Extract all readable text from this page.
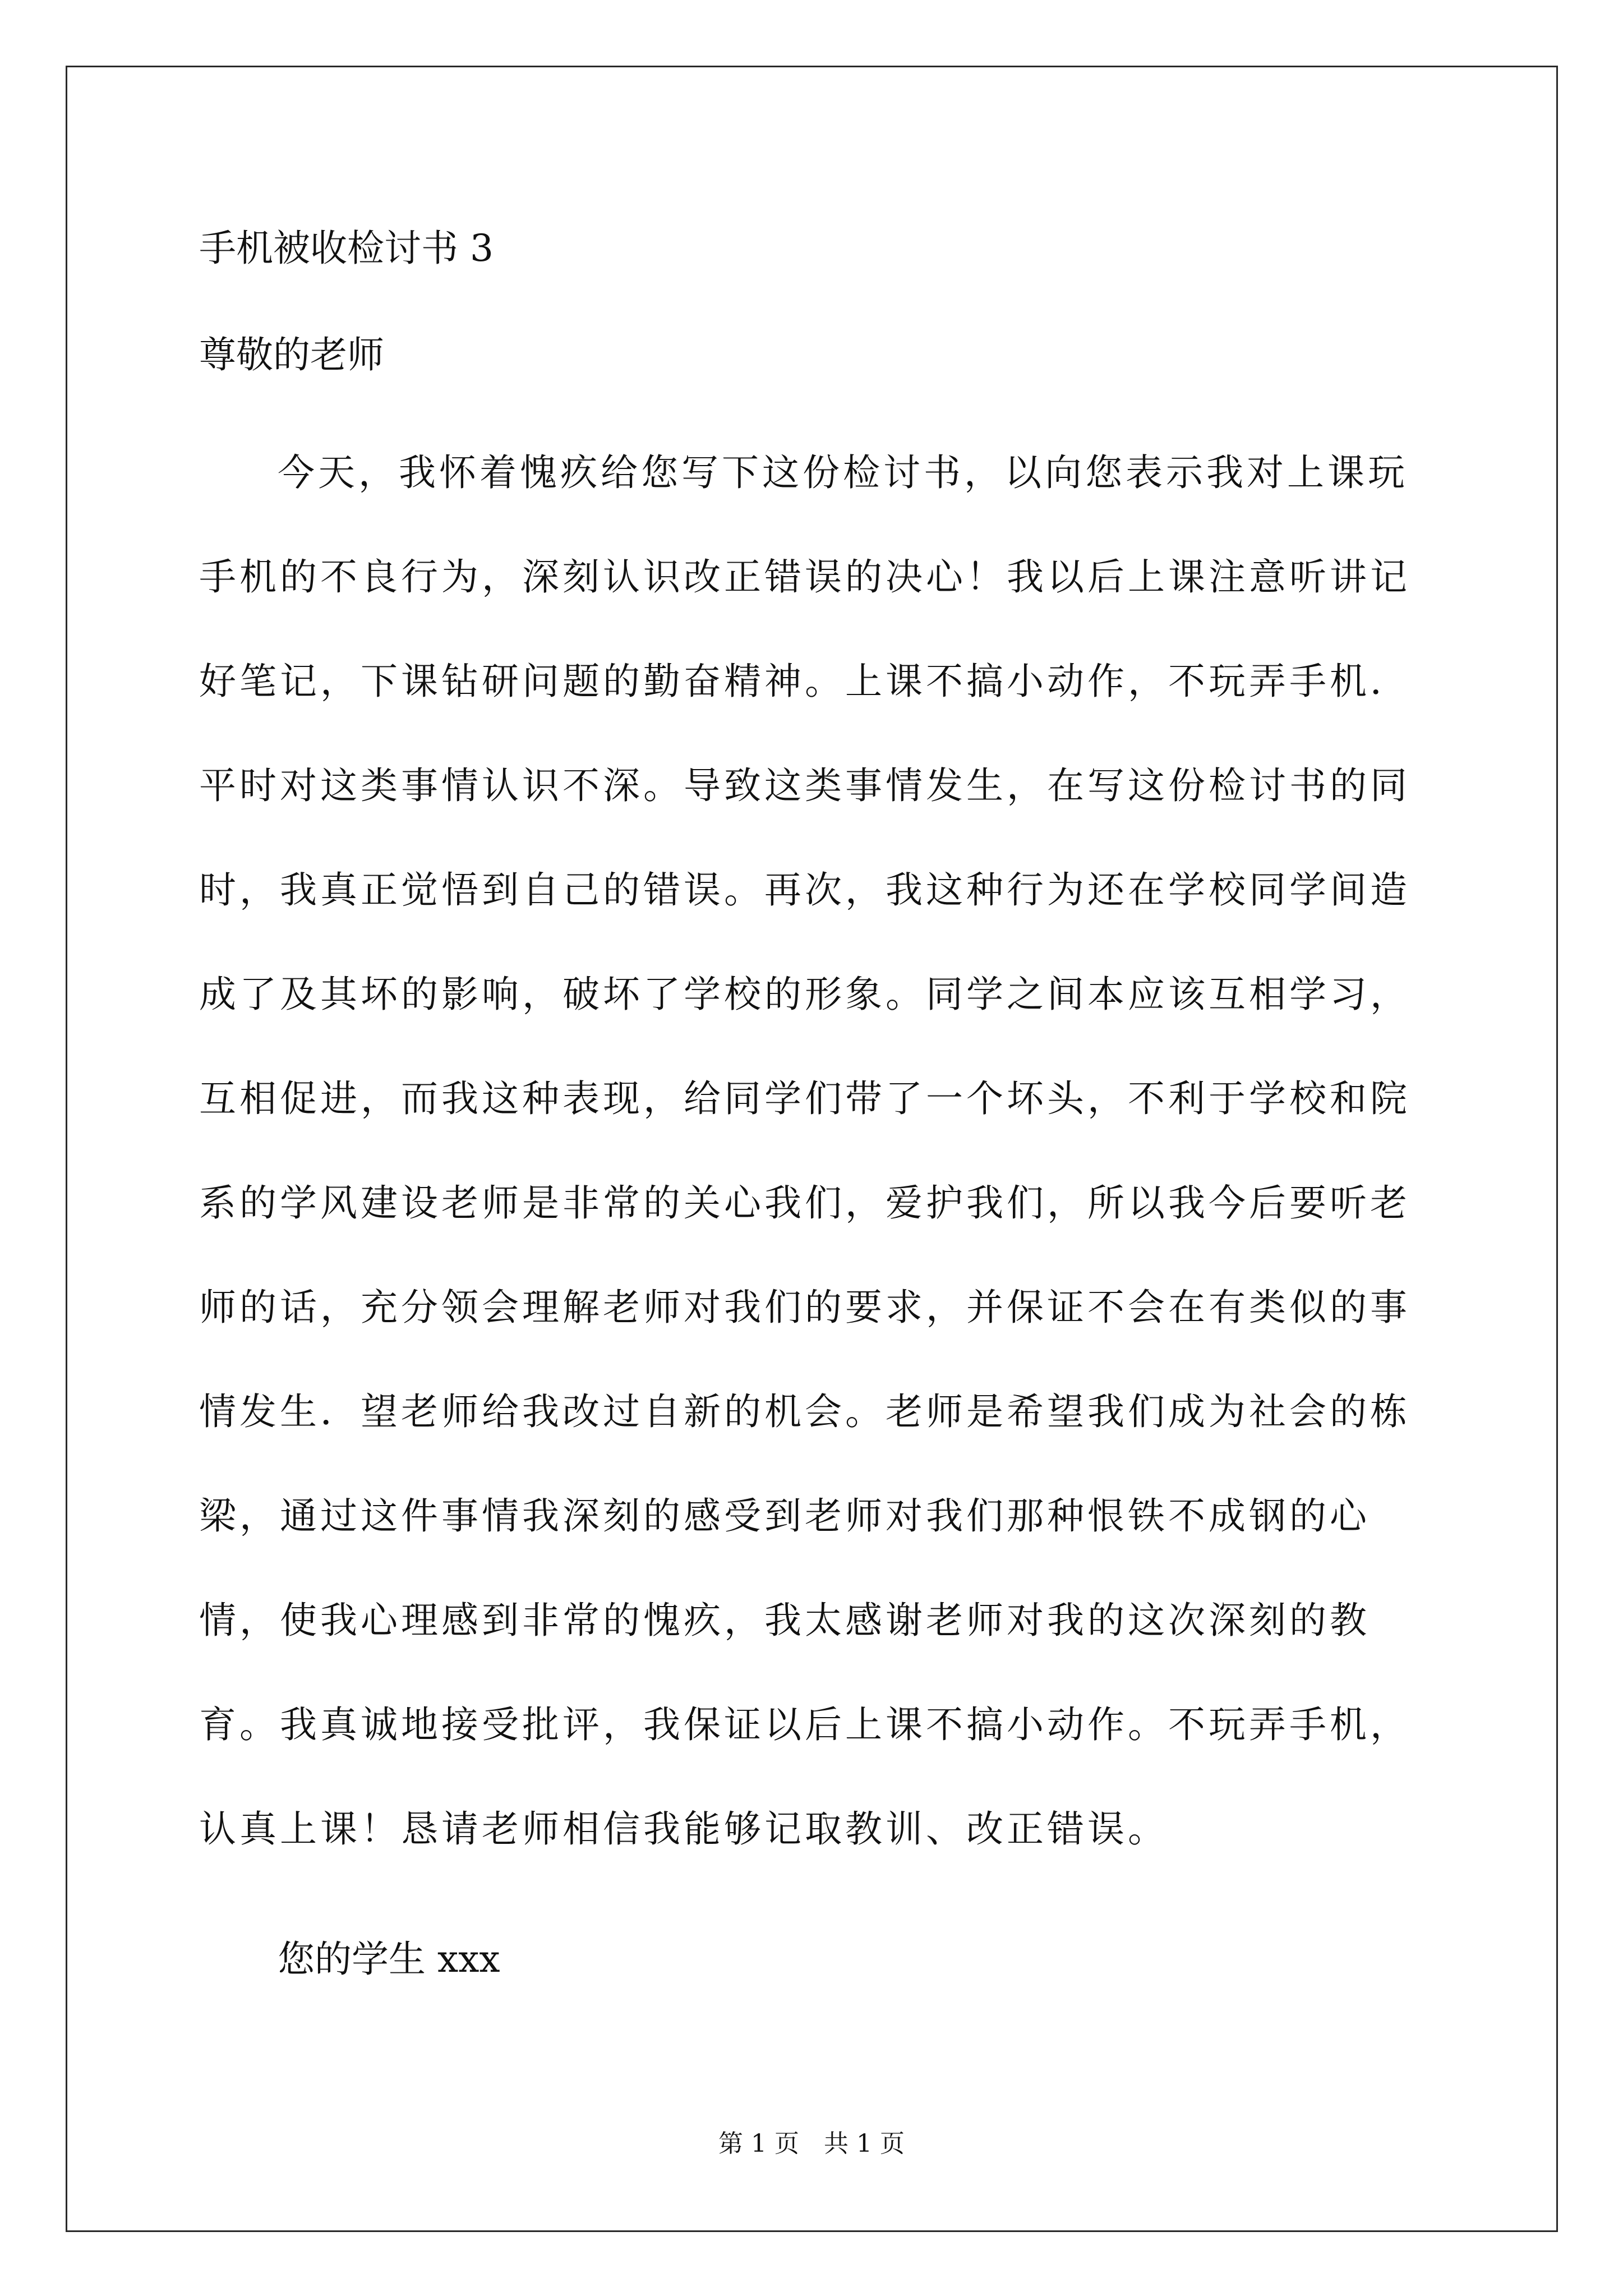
手机被收检讨书 3
尊敬的老师

今天，我怀着愧疚给您写下这份检讨书，以向您表示我对上课玩手机的不良行为，深刻认识改正错误的决心！我以后上课注意听讲记好笔记，下课钻研问题的勤奋精神。上课不搞小动作，不玩弄手机．平时对这类事情认识不深。导致这类事情发生，在写这份检讨书的同时，我真正觉悟到自己的错误。再次，我这种行为还在学校同学间造成了及其坏的影响，破坏了学校的形象。同学之间本应该互相学习，互相促进，而我这种表现，给同学们带了一个坏头，不利于学校和院系的学风建设老师是非常的关心我们，爱护我们，所以我今后要听老师的话，充分领会理解老师对我们的要求，并保证不会在有类似的事情发生．望老师给我改过自新的机会。老师是希望我们成为社会的栋梁，通过这件事情我深刻的感受到老师对我们那种恨铁不成钢的心情，使我心理感到非常的愧疚，我太感谢老师对我的这次深刻的教育。我真诚地接受批评，我保证以后上课不搞小动作。不玩弄手机，认真上课！恳请老师相信我能够记取教训、改正错误。

您的学生 xxx
第 1 页　共 1 页
